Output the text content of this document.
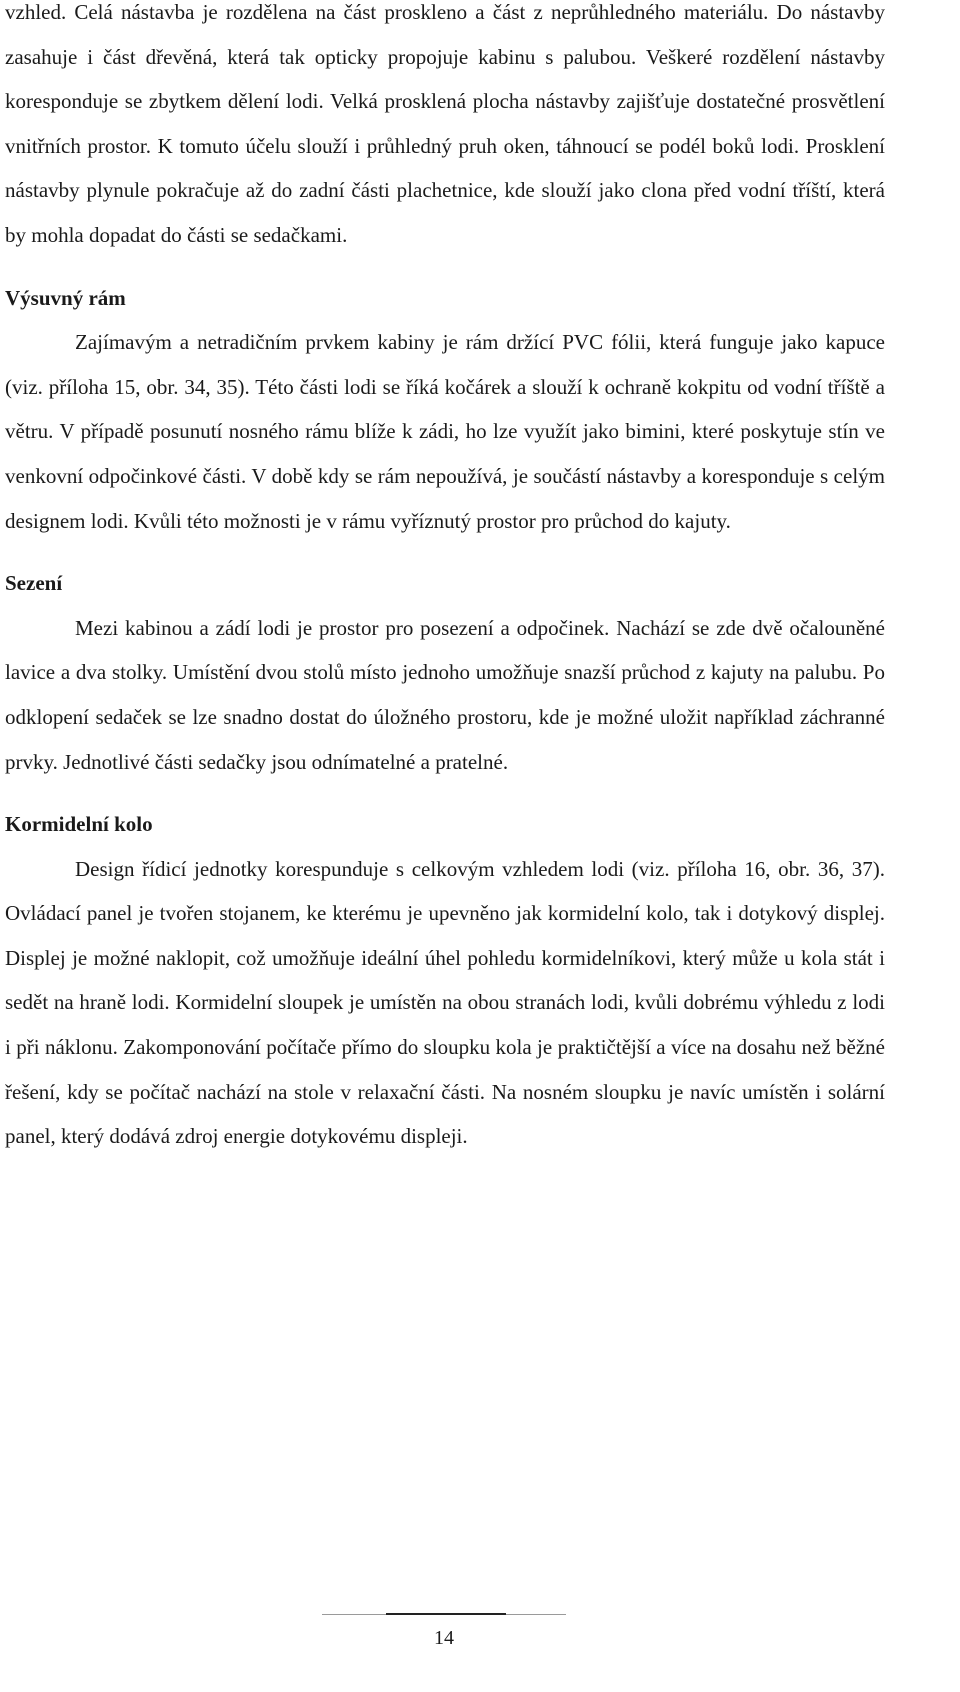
vzhled. Celá nástavba je rozdělena na část proskleno a část z neprůhledného materiálu. Do nástavby zasahuje i část dřevěná, která tak opticky propojuje kabinu s palubou. Veškeré rozdělení nástavby koresponduje se zbytkem dělení lodi. Velká prosklená plocha nástavby zajišťuje dostatečné prosvětlení vnitřních prostor. K tomuto účelu slouží i průhledný pruh oken, táhnoucí se podél boků lodi. Prosklení nástavby plynule pokračuje až do zadní části plachetnice, kde slouží jako clona před vodní tříští, která by mohla dopadat do části se sedačkami.

Výsuvný rám

Zajímavým a netradičním prvkem kabiny je rám držící PVC fólii, která funguje jako kapuce (viz. příloha 15, obr. 34, 35). Této části lodi se říká kočárek a slouží k ochraně kokpitu od vodní tříště a větru. V případě posunutí nosného rámu blíže k zádi, ho lze využít jako bimini, které poskytuje stín ve venkovní odpočinkové části. V době kdy se rám nepoužívá, je součástí nástavby a koresponduje s celým designem lodi. Kvůli této možnosti je v rámu vyříznutý prostor pro průchod do kajuty.

Sezení

Mezi kabinou a zádí lodi je prostor pro posezení a odpočinek. Nachází se zde dvě očalouněné lavice a dva stolky. Umístění dvou stolů místo jednoho umožňuje snazší průchod z kajuty na palubu. Po odklopení sedaček se lze snadno dostat do úložného prostoru, kde je možné uložit například záchranné prvky. Jednotlivé části sedačky jsou odnímatelné a pratelné.

Kormidelní kolo

Design řídicí jednotky korespunduje s celkovým vzhledem lodi (viz. příloha 16, obr. 36, 37). Ovládací panel je tvořen stojanem, ke kterému je upevněno jak kormidelní kolo, tak i dotykový displej. Displej je možné naklopit, což umožňuje ideální úhel pohledu kormidelníkovi, který může u kola stát i sedět na hraně lodi. Kormidelní sloupek je umístěn na obou stranách lodi, kvůli dobrému výhledu z lodi i při náklonu. Zakomponování počítače přímo do sloupku kola je praktičtější a více na dosahu než běžné řešení, kdy se počítač nachází na stole v relaxační části. Na nosném sloupku je navíc umístěn i solární panel, který dodává zdroj energie dotykovému displeji.

14
